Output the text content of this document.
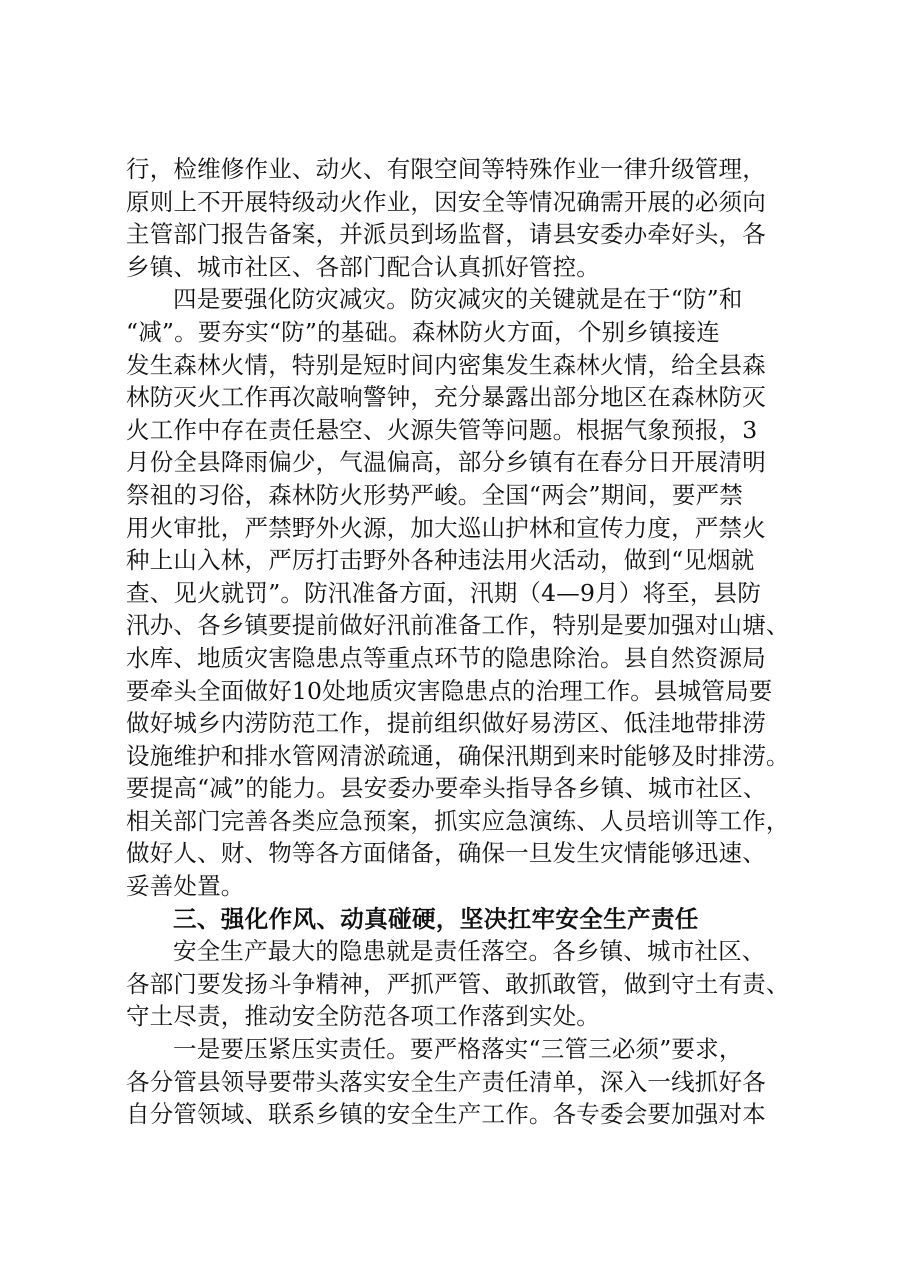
行，检维修作业、动火、有限空间等特殊作业一律升级管理，
原则上不开展特级动火作业，因安全等情况确需开展的必须向
主管部门报告备案，并派员到场监督，请县安委办牵好头，各
乡镇、城市社区、各部门配合认真抓好管控。
四是要强化防灾减灾。防灾减灾的关键就是在于“防”和
“减”。要夯实“防”的基础。森林防火方面，个别乡镇接连
发生森林火情，特别是短时间内密集发生森林火情，给全县森
林防灭火工作再次敲响警钟，充分暴露出部分地区在森林防灭
火工作中存在责任悬空、火源失管等问题。根据气象预报，3
月份全县降雨偏少，气温偏高，部分乡镇有在春分日开展清明
祭祖的习俗，森林防火形势严峻。全国“两会”期间，要严禁
用火审批，严禁野外火源，加大巡山护林和宣传力度，严禁火
种上山入林，严厉打击野外各种违法用火活动，做到“见烟就
查、见火就罚”。防汛准备方面，汛期（4—9月）将至，县防
汛办、各乡镇要提前做好汛前准备工作，特别是要加强对山塘、
水库、地质灾害隐患点等重点环节的隐患除治。县自然资源局
要牵头全面做好10处地质灾害隐患点的治理工作。县城管局要
做好城乡内涝防范工作，提前组织做好易涝区、低洼地带排涝
设施维护和排水管网清淤疏通，确保汛期到来时能够及时排涝。
要提高“减”的能力。县安委办要牵头指导各乡镇、城市社区、
相关部门完善各类应急预案，抓实应急演练、人员培训等工作，
做好人、财、物等各方面储备，确保一旦发生灾情能够迅速、
妥善处置。
三、强化作风、动真碰硬，坚决扛牢安全生产责任
安全生产最大的隐患就是责任落空。各乡镇、城市社区、
各部门要发扬斗争精神，严抓严管、敢抓敢管，做到守土有责、
守土尽责，推动安全防范各项工作落到实处。
一是要压紧压实责任。要严格落实“三管三必须”要求，
各分管县领导要带头落实安全生产责任清单，深入一线抓好各
自分管领域、联系乡镇的安全生产工作。各专委会要加强对本
